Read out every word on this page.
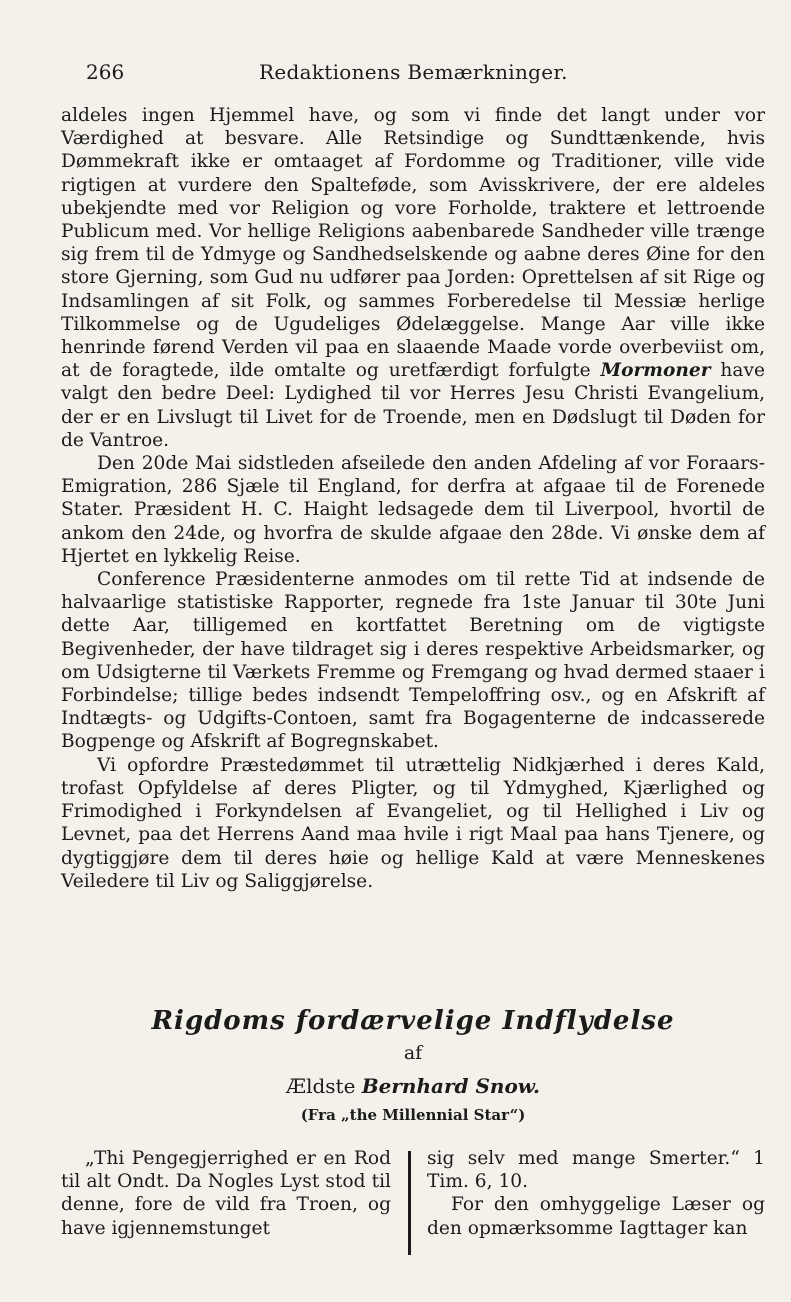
266	Redaktionens Bemærkninger.

aldeles ingen Hjemmel have, og som vi finde det langt under vor Værdighed at besvare. Alle Retsindige og Sundttænkende, hvis Dømmekraft ikke er omtaaget af Fordomme og Traditioner, ville vide rigtigen at vurdere den Spalteføde, som Avisskrivere, der ere aldeles ubekjendte med vor Religion og vore Forholde, traktere et lettroende Publicum med. Vor hellige Religions aabenbarede Sandheder ville trænge sig frem til de Ydmyge og Sandhedselskende og aabne deres Øine for den store Gjerning, som Gud nu udfører paa Jorden: Oprettelsen af sit Rige og Indsamlingen af sit Folk, og sammes Forberedelse til Messiæ herlige Tilkommelse og de Ugudeliges Ødelæggelse. Mange Aar ville ikke henrinde førend Verden vil paa en slaaende Maade vorde overbeviist om, at de foragtede, ilde omtalte og uretfærdigt forfulgte Mormoner have valgt den bedre Deel: Lydighed til vor Herres Jesu Christi Evangelium, der er en Livslugt til Livet for de Troende, men en Dødslugt til Døden for de Vantroe.

Den 20de Mai sidstleden afseilede den anden Afdeling af vor Foraars-Emigration, 286 Sjæle til England, for derfra at afgaae til de Forenede Stater. Præsident H. C. Haight ledsagede dem til Liverpool, hvortil de ankom den 24de, og hvorfra de skulde afgaae den 28de. Vi ønske dem af Hjertet en lykkelig Reise.

Conference Præsidenterne anmodes om til rette Tid at indsende de halvaarlige statistiske Rapporter, regnede fra 1ste Januar til 30te Juni dette Aar, tilligemed en kortfattet Beretning om de vigtigste Begivenheder, der have tildraget sig i deres respektive Arbeidsmarker, og om Udsigterne til Værkets Fremme og Fremgang og hvad dermed staaer i Forbindelse; tillige bedes indsendt Tempeloffring osv., og en Afskrift af Indtægts- og Udgifts-Contoen, samt fra Bogagenterne de indcasserede Bogpenge og Afskrift af Bogregnskabet.

Vi opfordre Præstedømmet til utrættelig Nidkjærhed i deres Kald, trofast Opfyldelse af deres Pligter, og til Ydmyghed, Kjærlighed og Frimodighed i Forkyndelsen af Evangeliet, og til Hellighed i Liv og Levnet, paa det Herrens Aand maa hvile i rigt Maal paa hans Tjenere, og dygtiggjøre dem til deres høie og hellige Kald at være Menneskenes Veiledere til Liv og Saliggjørelse.

Rigdoms fordærvelige Indflydelse
af
Ældste Bernhard Snow.
(Fra „the Millennial Star“)

„Thi Pengegjerrighed er en Rod til alt Ondt. Da Nogles Lyst stod til denne, fore de vild fra Troen, og have igjennemstunget

sig selv med mange Smerter.“ 1 Tim. 6, 10.

For den omhyggelige Læser og den opmærksomme Iagttager kan
